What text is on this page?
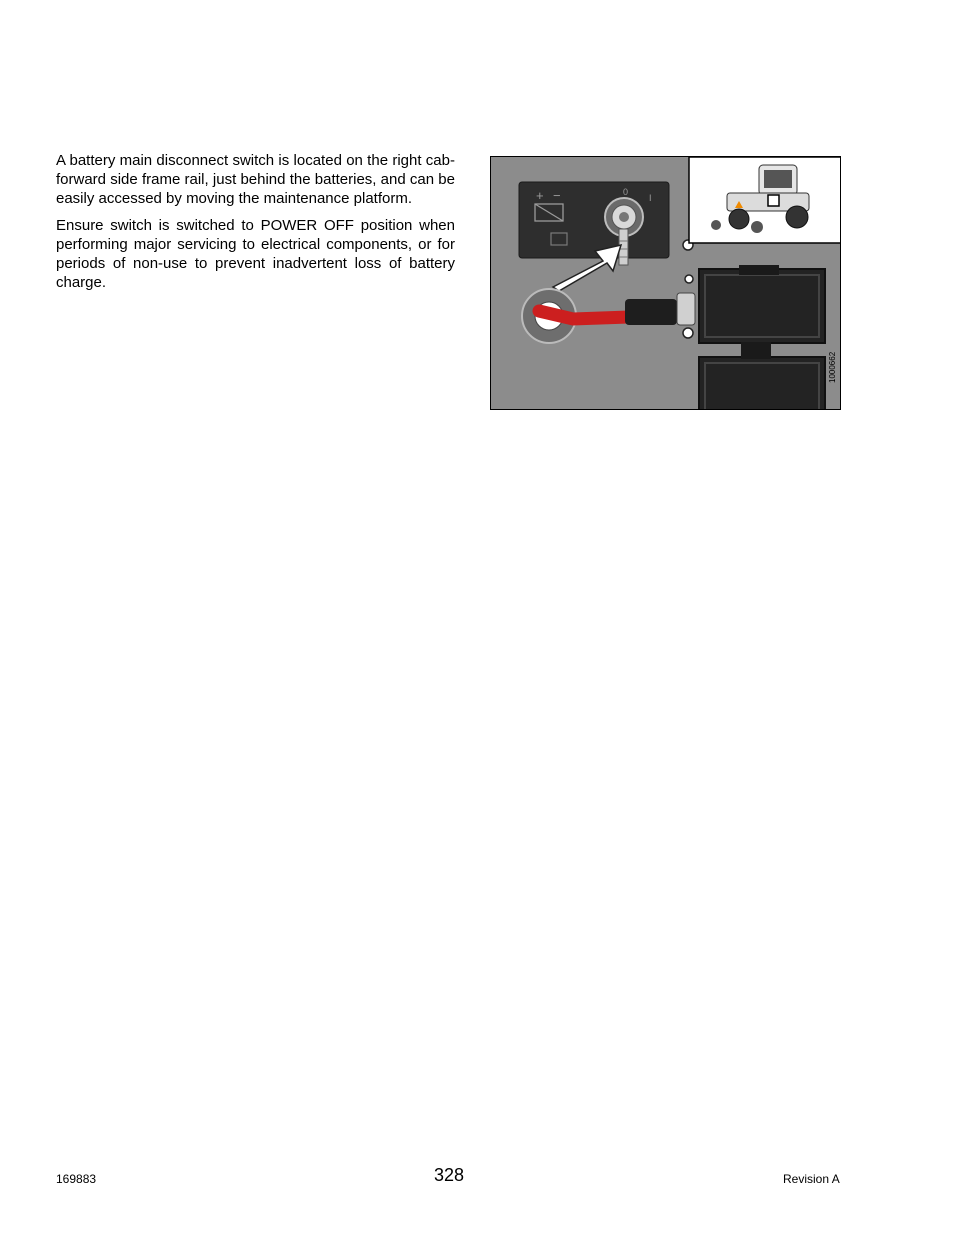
A battery main disconnect switch is located on the right cab-forward side frame rail, just behind the batteries, and can be easily accessed by moving the maintenance platform.

Ensure switch is switched to POWER OFF position when performing major servicing to electrical components, or for periods of non-use to prevent inadvertent loss of battery charge.

+ −	0
I
1000662
169883	328	Revision A
